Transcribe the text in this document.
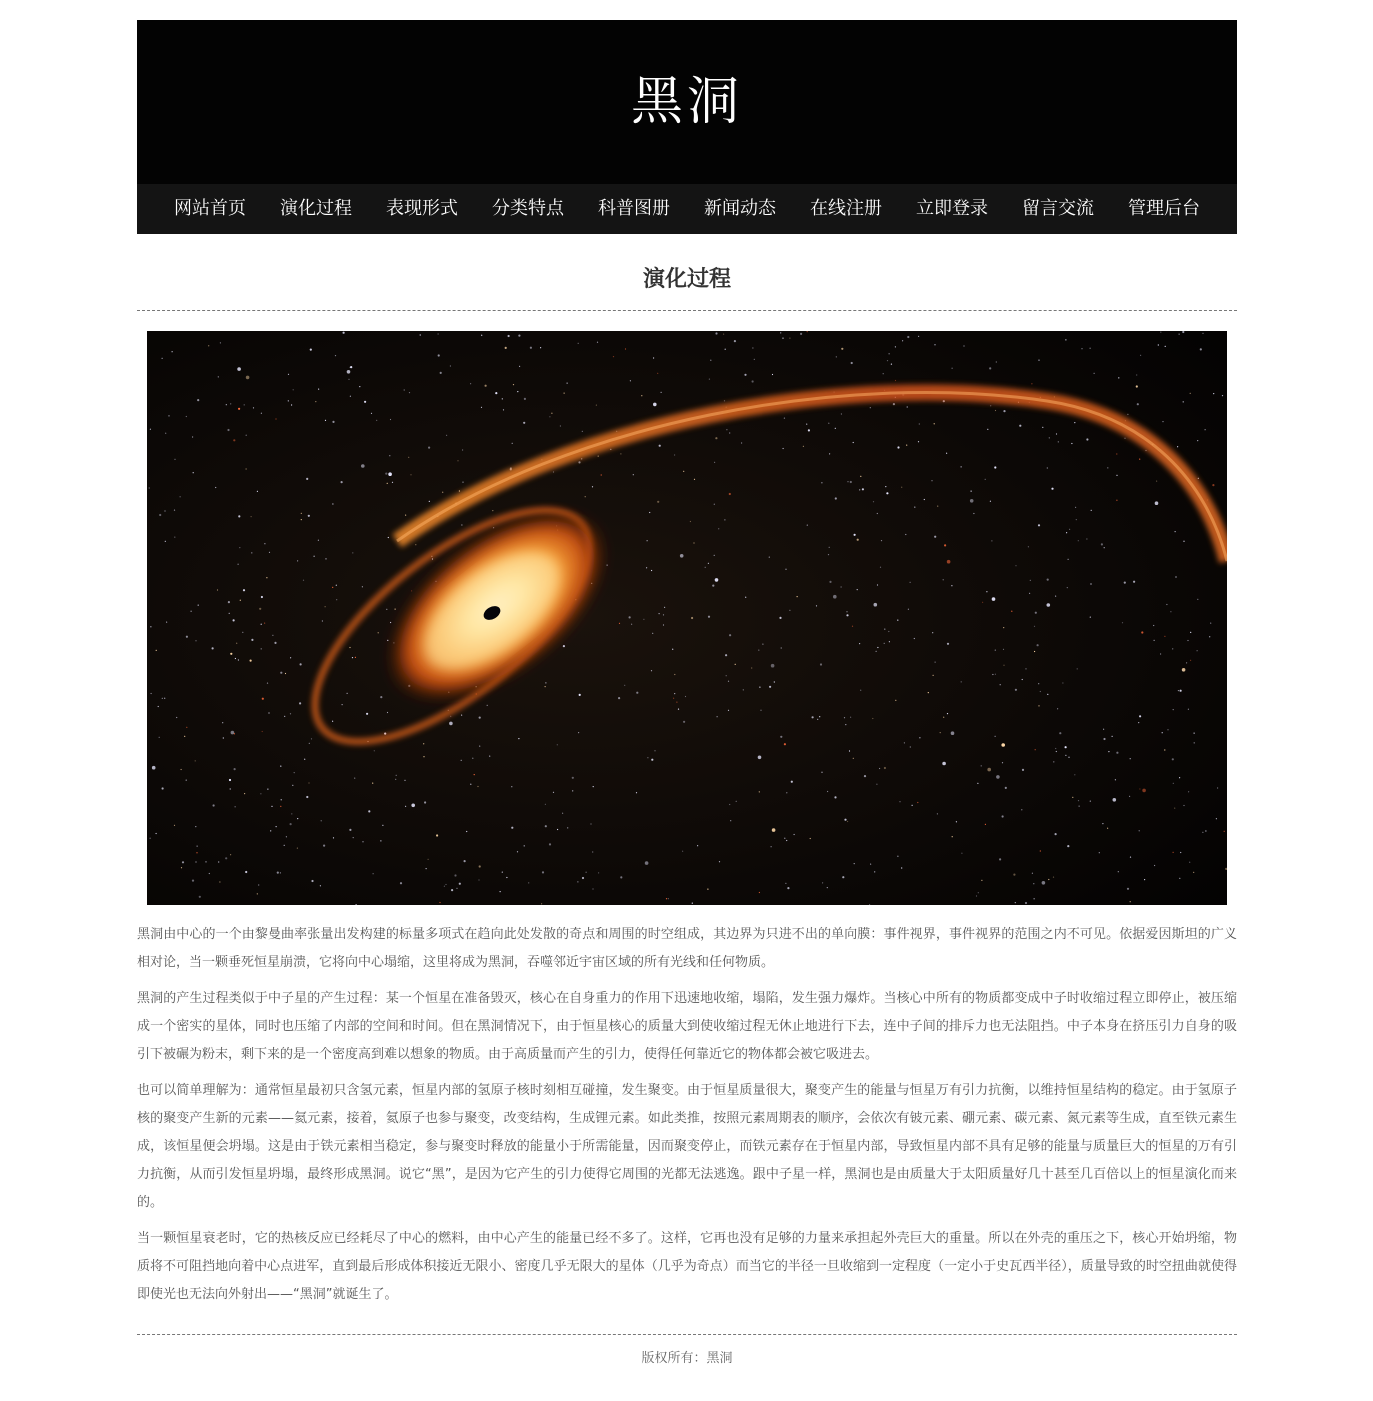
黑洞
网站首页	演化过程	表现形式	分类特点	科普图册	新闻动态	在线注册	立即登录	留言交流	管理后台
演化过程

黑洞由中心的一个由黎曼曲率张量出发构建的标量多项式在趋向此处发散的奇点和周围的时空组成，其边界为只进不出的单向膜：事件视界，事件视界的范围之内不可见。依据爱因斯坦的广义相对论，当一颗垂死恒星崩溃，它将向中心塌缩，这里将成为黑洞，吞噬邻近宇宙区域的所有光线和任何物质。

黑洞的产生过程类似于中子星的产生过程：某一个恒星在准备毁灭，核心在自身重力的作用下迅速地收缩，塌陷，发生强力爆炸。当核心中所有的物质都变成中子时收缩过程立即停止，被压缩成一个密实的星体，同时也压缩了内部的空间和时间。但在黑洞情况下，由于恒星核心的质量大到使收缩过程无休止地进行下去，连中子间的排斥力也无法阻挡。中子本身在挤压引力自身的吸引下被碾为粉末，剩下来的是一个密度高到难以想象的物质。由于高质量而产生的引力，使得任何靠近它的物体都会被它吸进去。

也可以简单理解为：通常恒星最初只含氢元素，恒星内部的氢原子核时刻相互碰撞，发生聚变。由于恒星质量很大，聚变产生的能量与恒星万有引力抗衡，以维持恒星结构的稳定。由于氢原子核的聚变产生新的元素——氦元素，接着，氦原子也参与聚变，改变结构，生成锂元素。如此类推，按照元素周期表的顺序，会依次有铍元素、硼元素、碳元素、氮元素等生成，直至铁元素生成，该恒星便会坍塌。这是由于铁元素相当稳定，参与聚变时释放的能量小于所需能量，因而聚变停止，而铁元素存在于恒星内部，导致恒星内部不具有足够的能量与质量巨大的恒星的万有引力抗衡，从而引发恒星坍塌，最终形成黑洞。说它“黑”，是因为它产生的引力使得它周围的光都无法逃逸。跟中子星一样，黑洞也是由质量大于太阳质量好几十甚至几百倍以上的恒星演化而来的。

当一颗恒星衰老时，它的热核反应已经耗尽了中心的燃料，由中心产生的能量已经不多了。这样，它再也没有足够的力量来承担起外壳巨大的重量。所以在外壳的重压之下，核心开始坍缩，物质将不可阻挡地向着中心点进军，直到最后形成体积接近无限小、密度几乎无限大的星体（几乎为奇点）而当它的半径一旦收缩到一定程度（一定小于史瓦西半径），质量导致的时空扭曲就使得即使光也无法向外射出——“黑洞”就诞生了。

版权所有：黑洞
